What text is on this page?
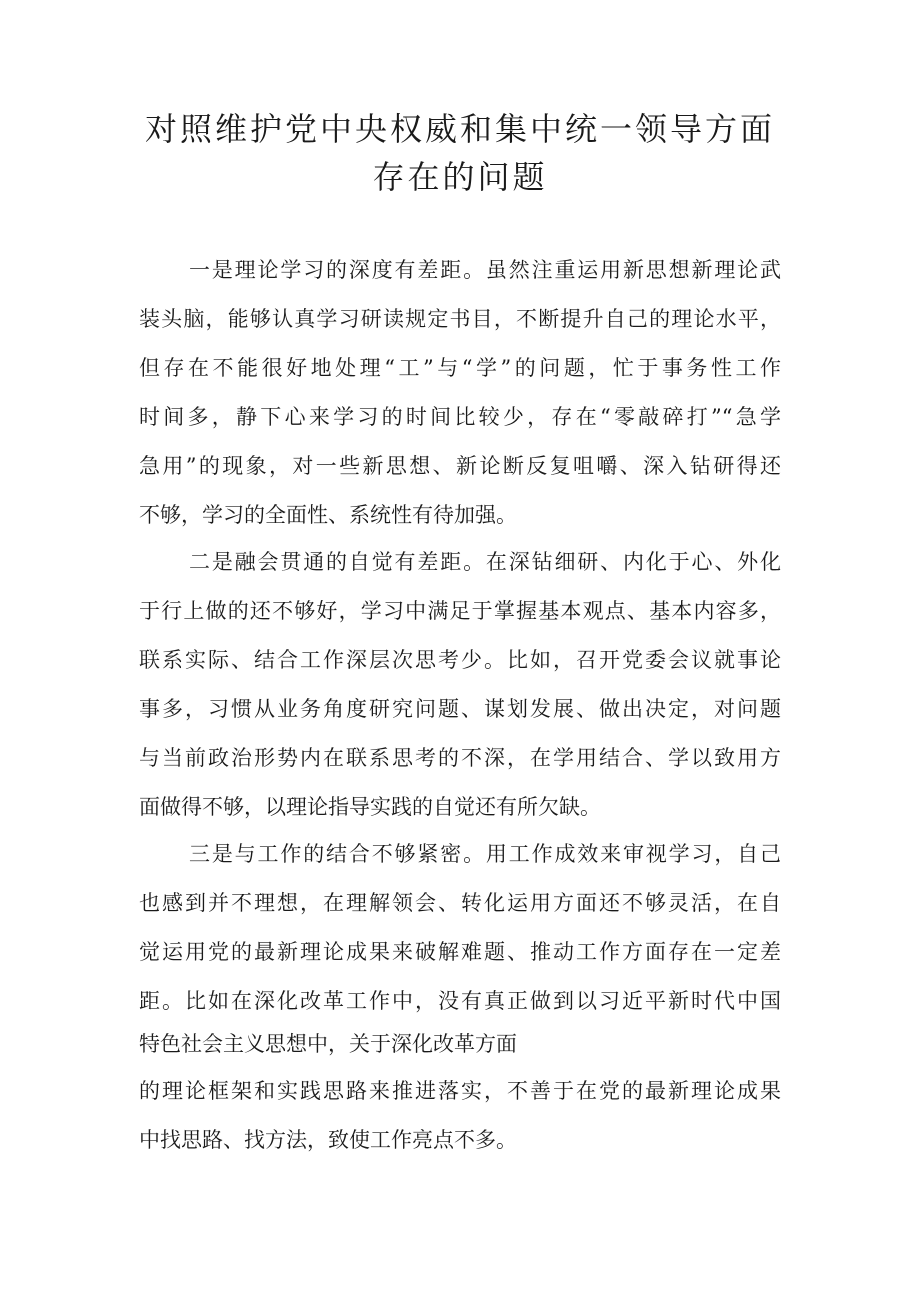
对照维护党中央权威和集中统一领导方面
存在的问题
一是理论学习的深度有差距。虽然注重运用新思想新理论武
装头脑，能够认真学习研读规定书目，不断提升自己的理论水平，
但存在不能很好地处理“工”与“学”的问题，忙于事务性工作
时间多，静下心来学习的时间比较少，存在“零敲碎打”“急学
急用”的现象，对一些新思想、新论断反复咀嚼、深入钻研得还
不够，学习的全面性、系统性有待加强。
二是融会贯通的自觉有差距。在深钻细研、内化于心、外化
于行上做的还不够好，学习中满足于掌握基本观点、基本内容多，
联系实际、结合工作深层次思考少。比如，召开党委会议就事论
事多，习惯从业务角度研究问题、谋划发展、做出决定，对问题
与当前政治形势内在联系思考的不深，在学用结合、学以致用方
面做得不够，以理论指导实践的自觉还有所欠缺。
三是与工作的结合不够紧密。用工作成效来审视学习，自己
也感到并不理想，在理解领会、转化运用方面还不够灵活，在自
觉运用党的最新理论成果来破解难题、推动工作方面存在一定差
距。比如在深化改革工作中，没有真正做到以习近平新时代中国
特色社会主义思想中，关于深化改革方面
的理论框架和实践思路来推进落实，不善于在党的最新理论成果
中找思路、找方法，致使工作亮点不多。
